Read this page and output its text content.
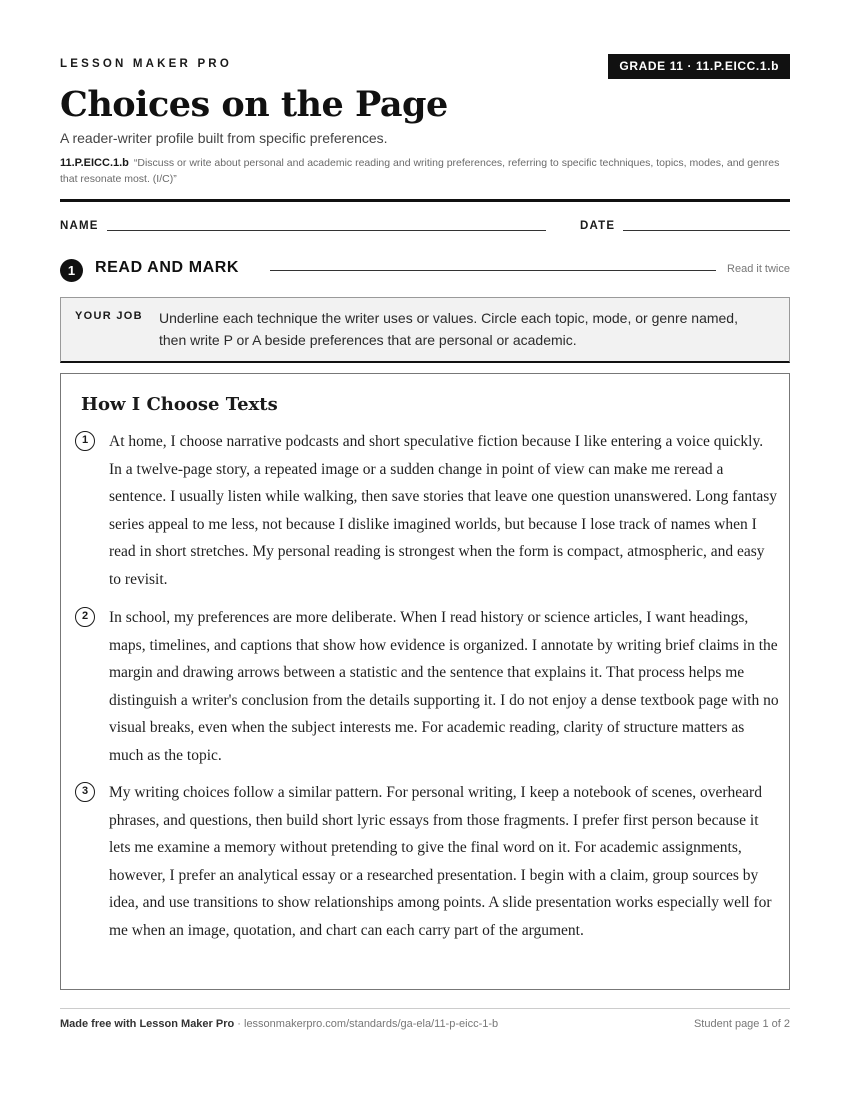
LESSON MAKER PRO	GRADE 11 · 11.P.EICC.1.b
Choices on the Page
A reader-writer profile built from specific preferences.
11.P.EICC.1.b “Discuss or write about personal and academic reading and writing preferences, referring to specific techniques, topics, modes, and genres that resonate most. (I/C)”
NAME	DATE
1	READ AND MARK	Read it twice
YOUR JOB Underline each technique the writer uses or values. Circle each topic, mode, or genre named, then write P or A beside preferences that are personal or academic.
How I Choose Texts
1	At home, I choose narrative podcasts and short speculative fiction because I like entering a voice quickly. In a twelve-page story, a repeated image or a sudden change in point of view can make me reread a sentence. I usually listen while walking, then save stories that leave one question unanswered. Long fantasy series appeal to me less, not because I dislike imagined worlds, but because I lose track of names when I read in short stretches. My personal reading is strongest when the form is compact, atmospheric, and easy to revisit.
2	In school, my preferences are more deliberate. When I read history or science articles, I want headings, maps, timelines, and captions that show how evidence is organized. I annotate by writing brief claims in the margin and drawing arrows between a statistic and the sentence that explains it. That process helps me distinguish a writer's conclusion from the details supporting it. I do not enjoy a dense textbook page with no visual breaks, even when the subject interests me. For academic reading, clarity of structure matters as much as the topic.
3	My writing choices follow a similar pattern. For personal writing, I keep a notebook of scenes, overheard phrases, and questions, then build short lyric essays from those fragments. I prefer first person because it lets me examine a memory without pretending to give the final word on it. For academic assignments, however, I prefer an analytical essay or a researched presentation. I begin with a claim, group sources by idea, and use transitions to show relationships among points. A slide presentation works especially well for me when an image, quotation, and chart can each carry part of the argument.
Made free with Lesson Maker Pro · lessonmakerpro.com/standards/ga-ela/11-p-eicc-1-b	Student page 1 of 2
